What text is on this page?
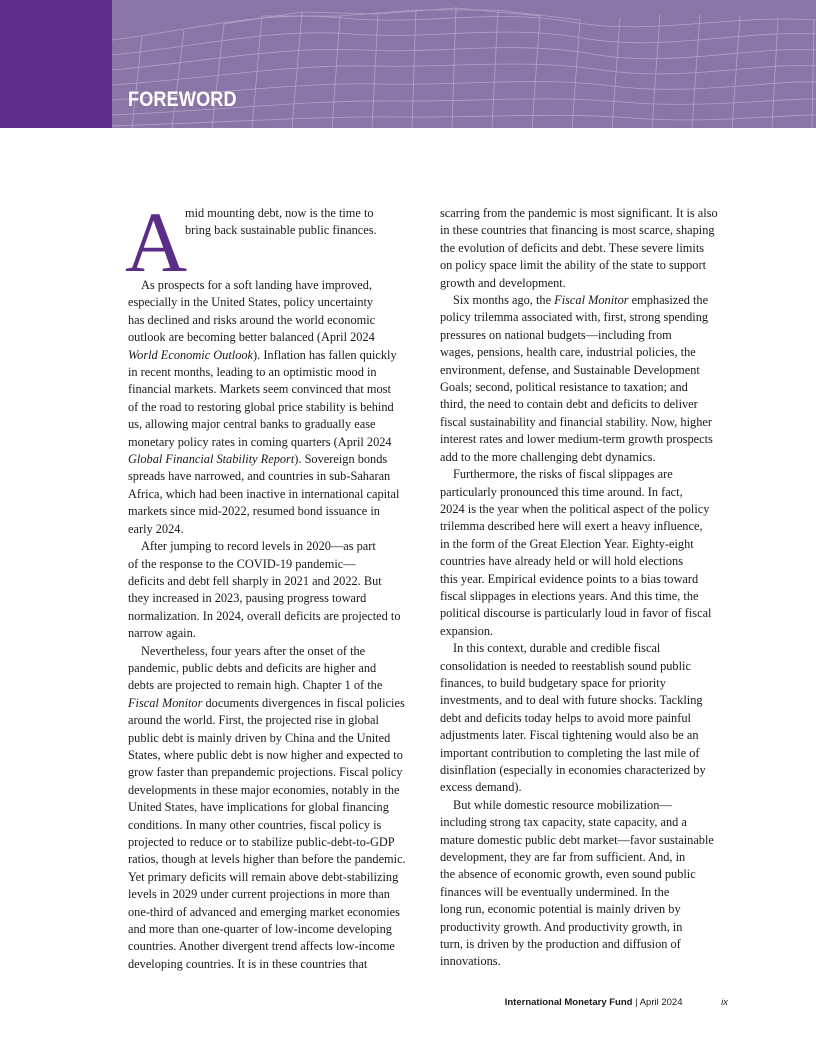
FOREWORD
A
mid mounting debt, now is the time to
bring back sustainable public finances.

As prospects for a soft landing have improved,
especially in the United States, policy uncertainty
has declined and risks around the world economic
outlook are becoming better balanced (April 2024
World Economic Outlook). Inflation has fallen quickly
in recent months, leading to an optimistic mood in
financial markets. Markets seem convinced that most
of the road to restoring global price stability is behind
us, allowing major central banks to gradually ease
monetary policy rates in coming quarters (April 2024
Global Financial Stability Report). Sovereign bonds
spreads have narrowed, and countries in sub-Saharan
Africa, which had been inactive in international capital
markets since mid-2022, resumed bond issuance in
early 2024.

After jumping to record levels in 2020—as part
of the response to the COVID-19 pandemic—
deficits and debt fell sharply in 2021 and 2022. But
they increased in 2023, pausing progress toward
normalization. In 2024, overall deficits are projected to
narrow again.

Nevertheless, four years after the onset of the
pandemic, public debts and deficits are higher and
debts are projected to remain high. Chapter 1 of the
Fiscal Monitor documents divergences in fiscal policies
around the world. First, the projected rise in global
public debt is mainly driven by China and the United
States, where public debt is now higher and expected to
grow faster than prepandemic projections. Fiscal policy
developments in these major economies, notably in the
United States, have implications for global financing
conditions. In many other countries, fiscal policy is
projected to reduce or to stabilize public-debt-to-GDP
ratios, though at levels higher than before the pandemic.
Yet primary deficits will remain above debt-stabilizing
levels in 2029 under current projections in more than
one-third of advanced and emerging market economies
and more than one-quarter of low-income developing
countries. Another divergent trend affects low-income
developing countries. It is in these countries that

scarring from the pandemic is most significant. It is also
in these countries that financing is most scarce, shaping
the evolution of deficits and debt. These severe limits
on policy space limit the ability of the state to support
growth and development.

Six months ago, the Fiscal Monitor emphasized the
policy trilemma associated with, first, strong spending
pressures on national budgets—including from
wages, pensions, health care, industrial policies, the
environment, defense, and Sustainable Development
Goals; second, political resistance to taxation; and
third, the need to contain debt and deficits to deliver
fiscal sustainability and financial stability. Now, higher
interest rates and lower medium-term growth prospects
add to the more challenging debt dynamics.

Furthermore, the risks of fiscal slippages are
particularly pronounced this time around. In fact,
2024 is the year when the political aspect of the policy
trilemma described here will exert a heavy influence,
in the form of the Great Election Year. Eighty-eight
countries have already held or will hold elections
this year. Empirical evidence points to a bias toward
fiscal slippages in elections years. And this time, the
political discourse is particularly loud in favor of fiscal
expansion.

In this context, durable and credible fiscal
consolidation is needed to reestablish sound public
finances, to build budgetary space for priority
investments, and to deal with future shocks. Tackling
debt and deficits today helps to avoid more painful
adjustments later. Fiscal tightening would also be an
important contribution to completing the last mile of
disinflation (especially in economies characterized by
excess demand).

But while domestic resource mobilization—
including strong tax capacity, state capacity, and a
mature domestic public debt market—favor sustainable
development, they are far from sufficient. And, in
the absence of economic growth, even sound public
finances will be eventually undermined. In the
long run, economic potential is mainly driven by
productivity growth. And productivity growth, in
turn, is driven by the production and diffusion of
innovations.

International Monetary Fund | April 2024	ix
